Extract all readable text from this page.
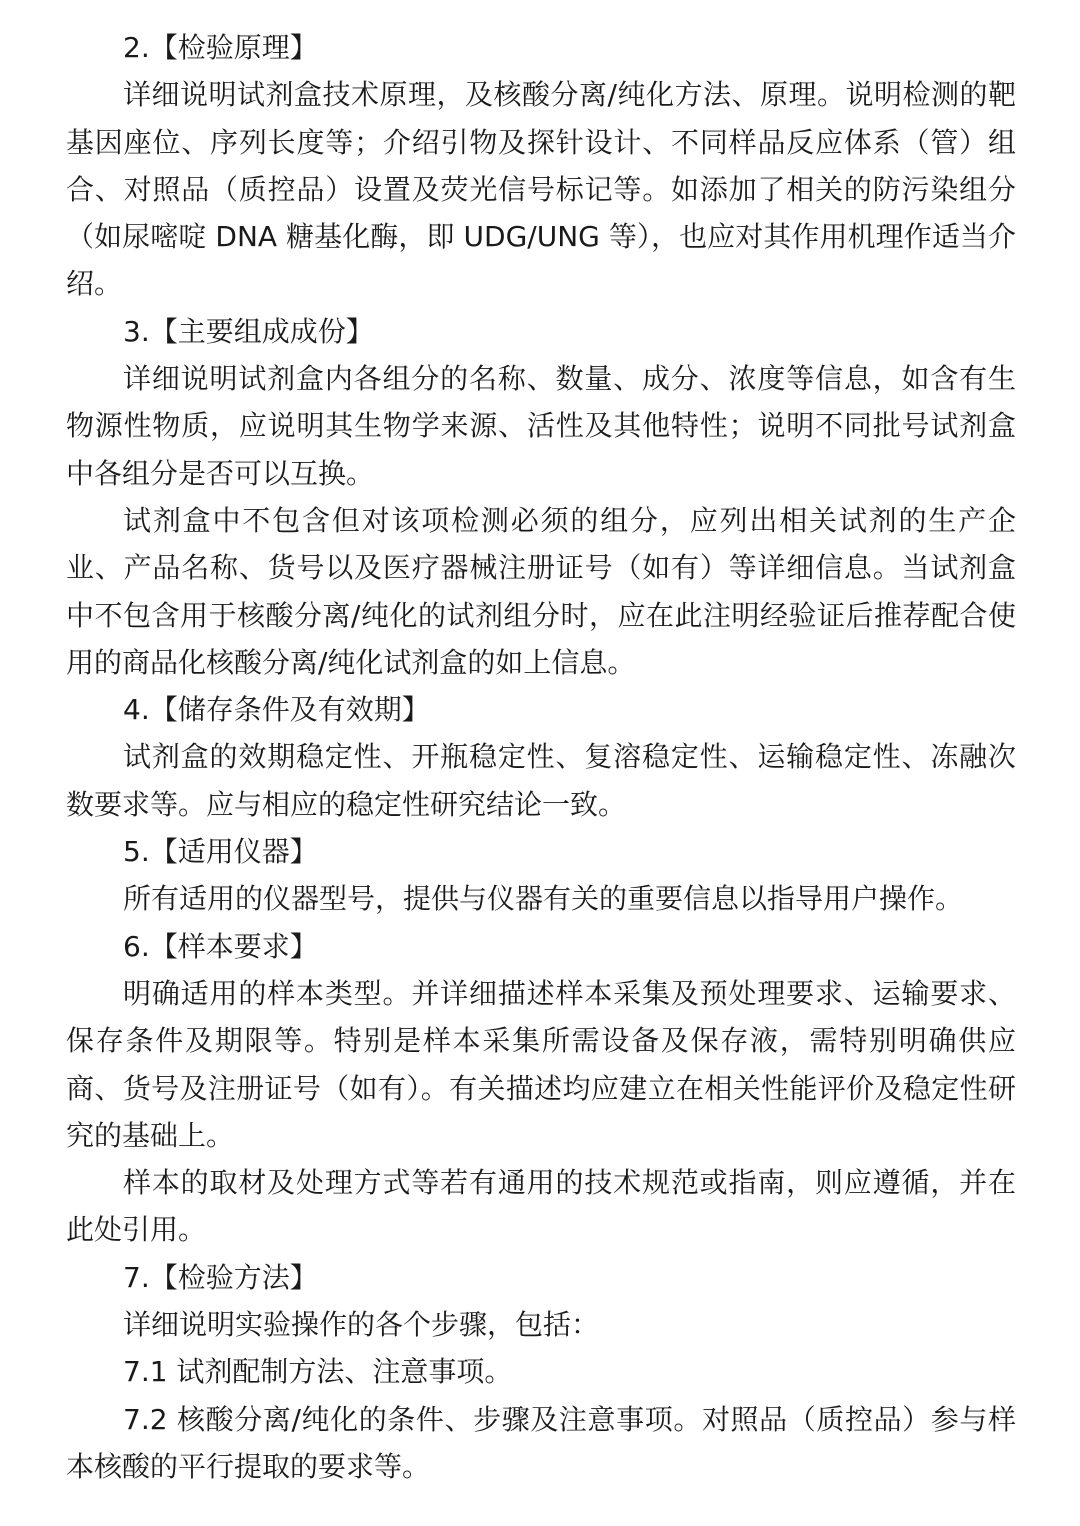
2.【检验原理】

详细说明试剂盒技术原理，及核酸分离/纯化方法、原理。说明检测的靶基因座位、序列长度等；介绍引物及探针设计、不同样品反应体系（管）组合、对照品（质控品）设置及荧光信号标记等。如添加了相关的防污染组分（如尿嘧啶 DNA 糖基化酶，即 UDG/UNG 等），也应对其作用机理作适当介绍。

3.【主要组成成份】

详细说明试剂盒内各组分的名称、数量、成分、浓度等信息，如含有生物源性物质，应说明其生物学来源、活性及其他特性；说明不同批号试剂盒中各组分是否可以互换。

试剂盒中不包含但对该项检测必须的组分，应列出相关试剂的生产企业、产品名称、货号以及医疗器械注册证号（如有）等详细信息。当试剂盒中不包含用于核酸分离/纯化的试剂组分时，应在此注明经验证后推荐配合使用的商品化核酸分离/纯化试剂盒的如上信息。

4.【储存条件及有效期】

试剂盒的效期稳定性、开瓶稳定性、复溶稳定性、运输稳定性、冻融次数要求等。应与相应的稳定性研究结论一致。

5.【适用仪器】

所有适用的仪器型号，提供与仪器有关的重要信息以指导用户操作。

6.【样本要求】

明确适用的样本类型。并详细描述样本采集及预处理要求、运输要求、保存条件及期限等。特别是样本采集所需设备及保存液，需特别明确供应商、货号及注册证号（如有）。有关描述均应建立在相关性能评价及稳定性研究的基础上。

样本的取材及处理方式等若有通用的技术规范或指南，则应遵循，并在此处引用。

7.【检验方法】

详细说明实验操作的各个步骤，包括：

7.1 试剂配制方法、注意事项。

7.2 核酸分离/纯化的条件、步骤及注意事项。对照品（质控品）参与样本核酸的平行提取的要求等。
